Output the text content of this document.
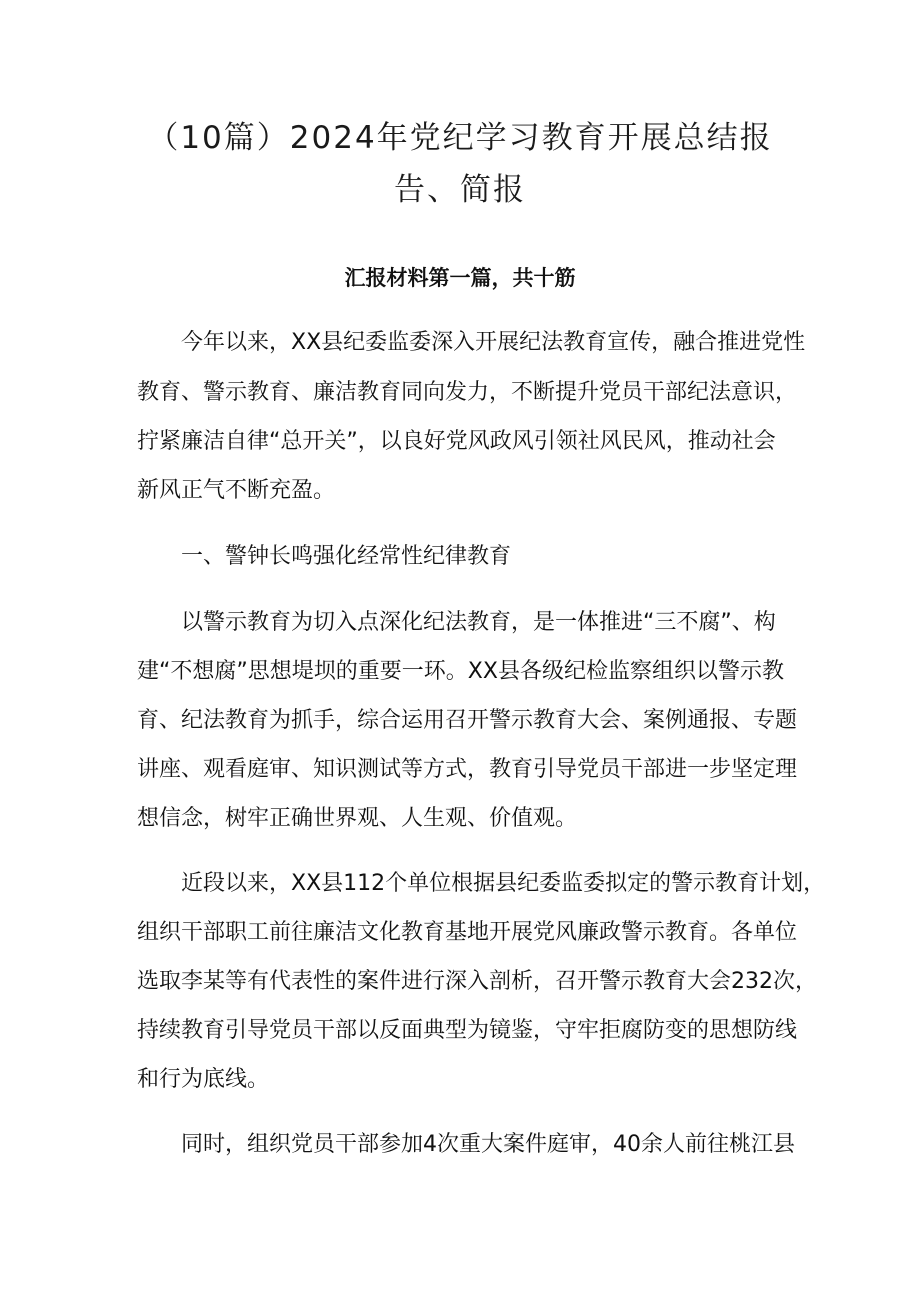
（10篇）2024年党纪学习教育开展总结报
告、简报
汇报材料第一篇，共十筋

今年以来，XX县纪委监委深入开展纪法教育宣传，融合推进党性

教育、警示教育、廉洁教育同向发力，不断提升党员干部纪法意识，

拧紧廉洁自律“总开关”，以良好党风政风引领社风民风，推动社会

新风正气不断充盈。

一、警钟长鸣强化经常性纪律教育

以警示教育为切入点深化纪法教育，是一体推进“三不腐”、构

建“不想腐”思想堤坝的重要一环。XX县各级纪检监察组织以警示教

育、纪法教育为抓手，综合运用召开警示教育大会、案例通报、专题

讲座、观看庭审、知识测试等方式，教育引导党员干部进一步坚定理

想信念，树牢正确世界观、人生观、价值观。

近段以来，XX县112个单位根据县纪委监委拟定的警示教育计划，

组织干部职工前往廉洁文化教育基地开展党风廉政警示教育。各单位

选取李某等有代表性的案件进行深入剖析，召开警示教育大会232次，

持续教育引导党员干部以反面典型为镜鉴，守牢拒腐防变的思想防线

和行为底线。

同时，组织党员干部参加4次重大案件庭审，40余人前往桃江县
